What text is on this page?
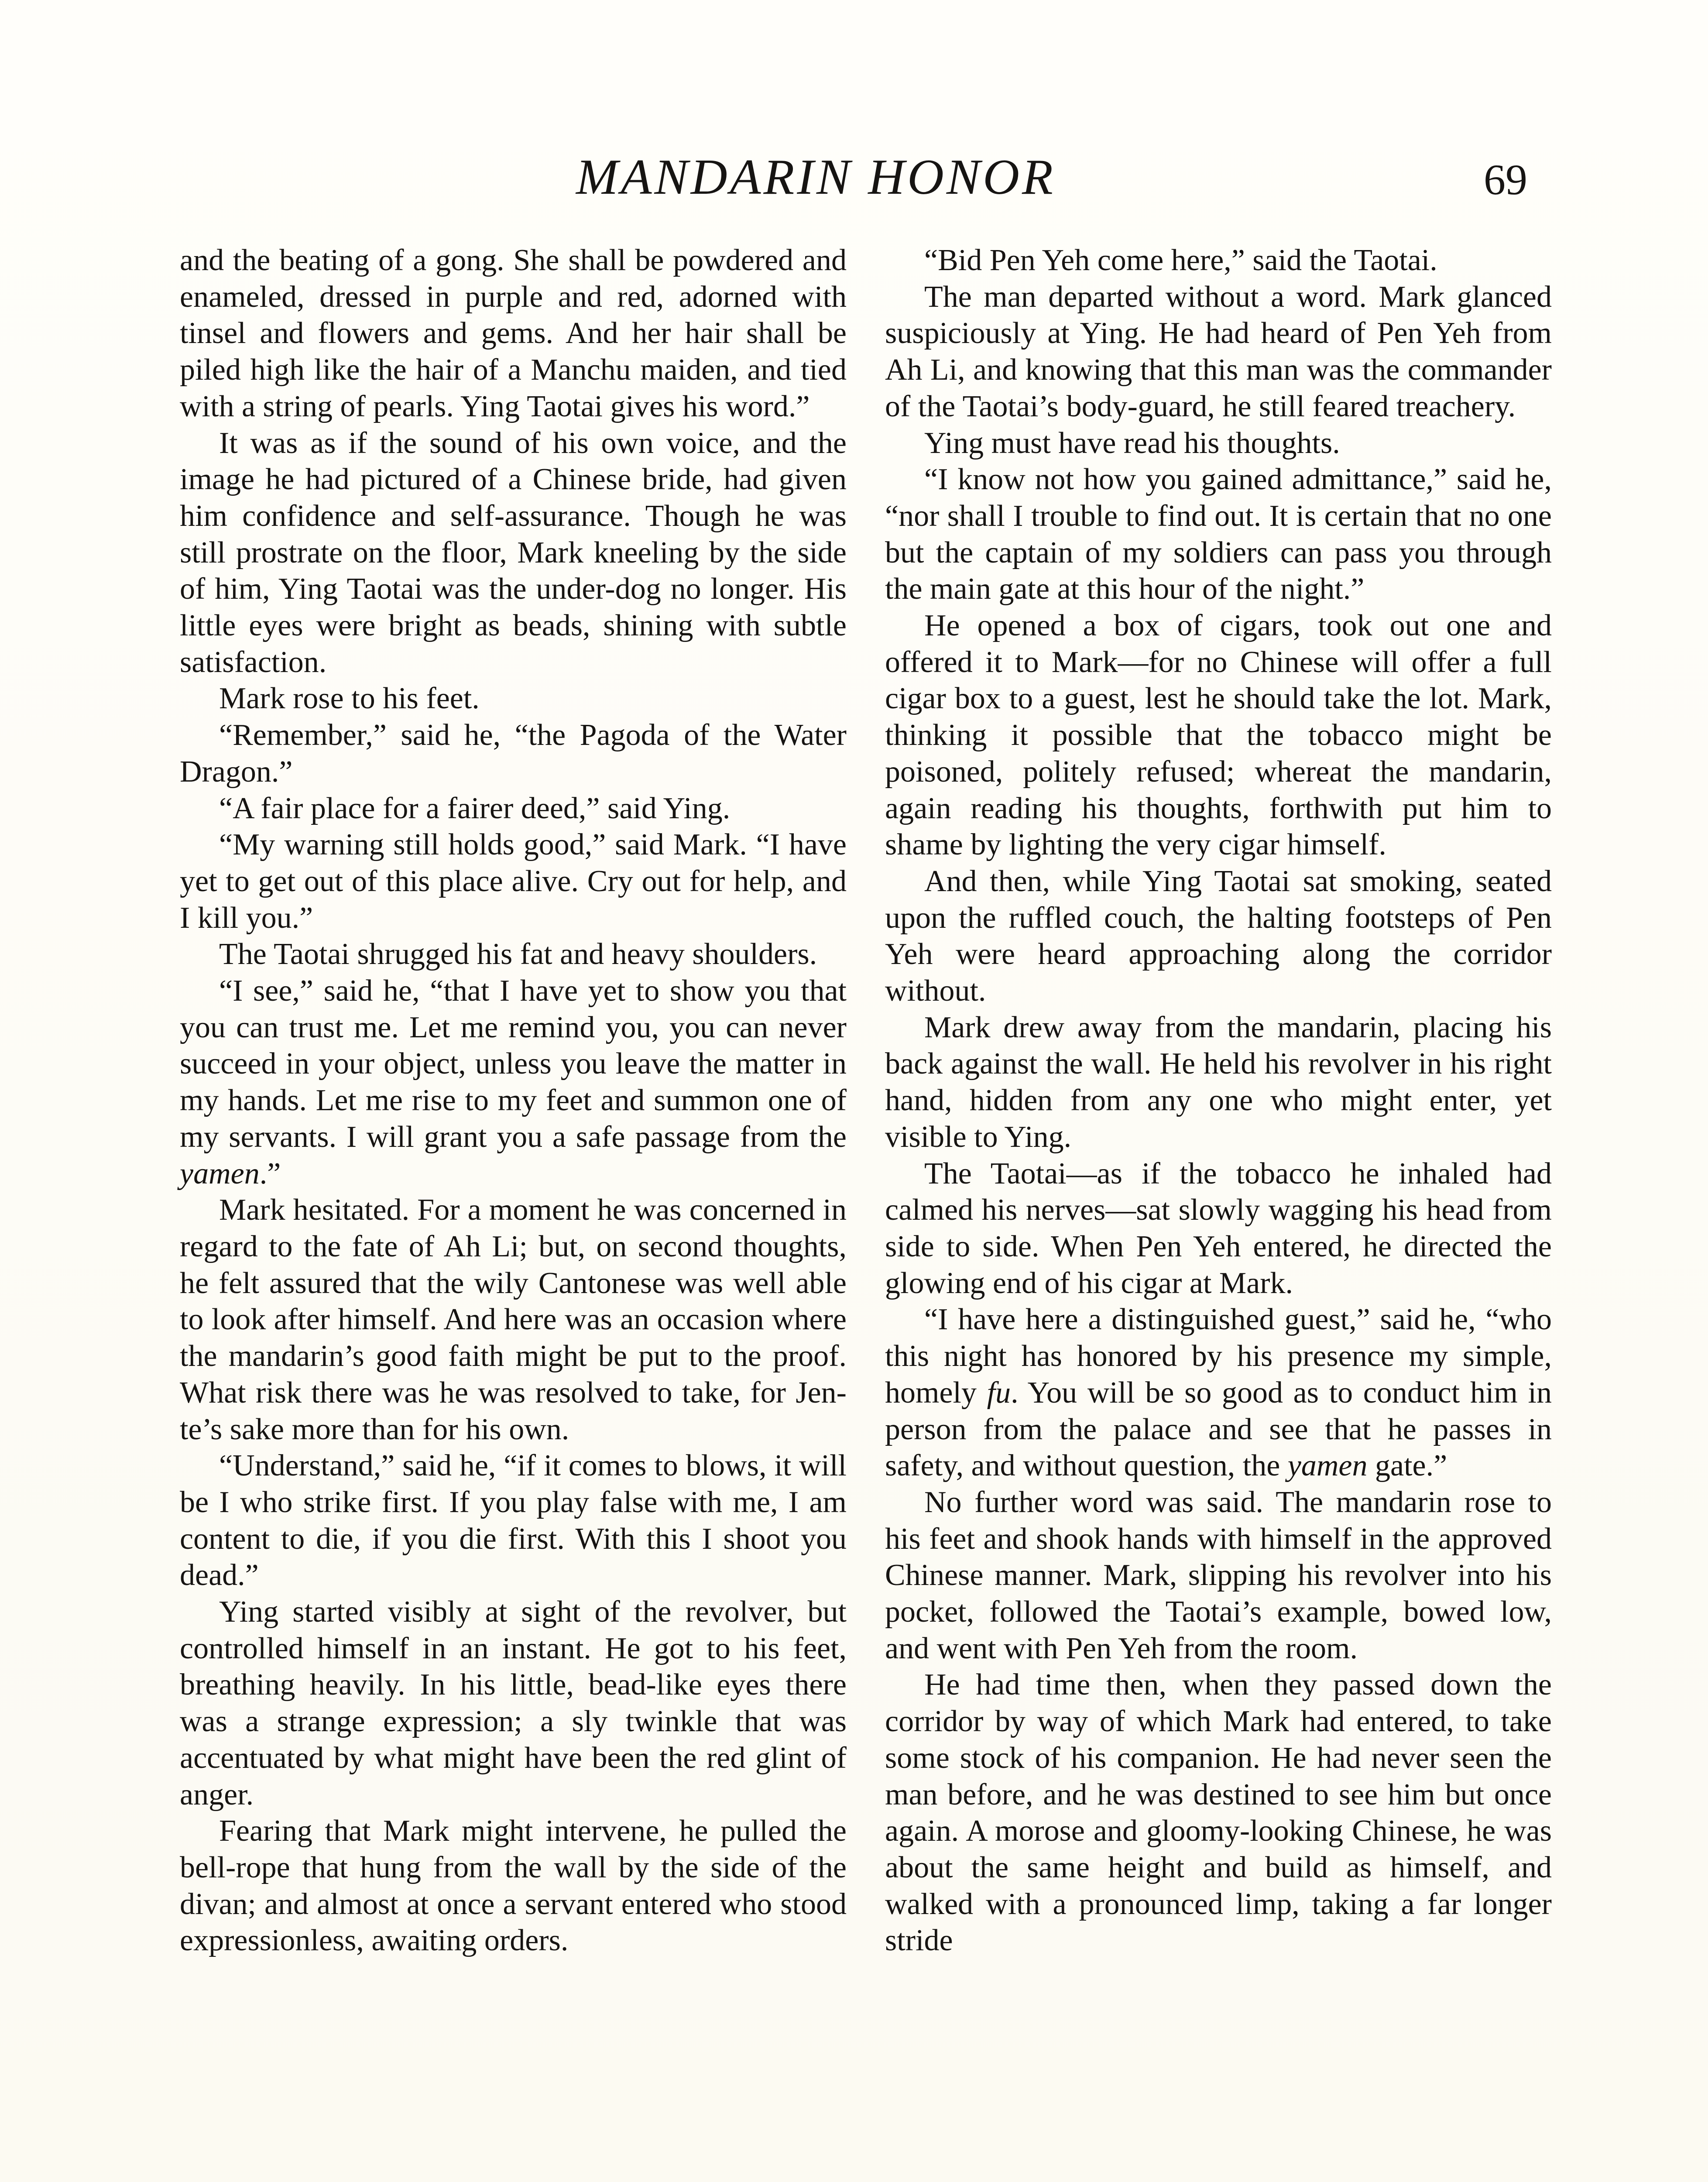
MANDARIN HONOR	69

and the beating of a gong. She shall be powdered and enameled, dressed in purple and red, adorned with tinsel and flowers and gems. And her hair shall be piled high like the hair of a Manchu maiden, and tied with a string of pearls. Ying Taotai gives his word.”

It was as if the sound of his own voice, and the image he had pictured of a Chinese bride, had given him confidence and self-assurance. Though he was still prostrate on the floor, Mark kneeling by the side of him, Ying Taotai was the under-dog no longer. His little eyes were bright as beads, shining with subtle satisfaction.

Mark rose to his feet.

“Remember,” said he, “the Pagoda of the Water Dragon.”

“A fair place for a fairer deed,” said Ying.

“My warning still holds good,” said Mark. “I have yet to get out of this place alive. Cry out for help, and I kill you.”

The Taotai shrugged his fat and heavy shoulders.

“I see,” said he, “that I have yet to show you that you can trust me. Let me remind you, you can never succeed in your object, unless you leave the matter in my hands. Let me rise to my feet and summon one of my servants. I will grant you a safe passage from the yamen.”

Mark hesitated. For a moment he was concerned in regard to the fate of Ah Li; but, on second thoughts, he felt assured that the wily Cantonese was well able to look after himself. And here was an occasion where the mandarin’s good faith might be put to the proof. What risk there was he was resolved to take, for Jen-te’s sake more than for his own.

“Understand,” said he, “if it comes to blows, it will be I who strike first. If you play false with me, I am content to die, if you die first. With this I shoot you dead.”

Ying started visibly at sight of the revolver, but controlled himself in an instant. He got to his feet, breathing heavily. In his little, bead-like eyes there was a strange expression; a sly twinkle that was accentuated by what might have been the red glint of anger.

Fearing that Mark might intervene, he pulled the bell-rope that hung from the wall by the side of the divan; and almost at once a servant entered who stood expressionless, awaiting orders.

“Bid Pen Yeh come here,” said the Taotai.

The man departed without a word. Mark glanced suspiciously at Ying. He had heard of Pen Yeh from Ah Li, and knowing that this man was the commander of the Taotai’s body-guard, he still feared treachery.

Ying must have read his thoughts.

“I know not how you gained admittance,” said he, “nor shall I trouble to find out. It is certain that no one but the captain of my soldiers can pass you through the main gate at this hour of the night.”

He opened a box of cigars, took out one and offered it to Mark—for no Chinese will offer a full cigar box to a guest, lest he should take the lot. Mark, thinking it possible that the tobacco might be poisoned, politely refused; whereat the mandarin, again reading his thoughts, forthwith put him to shame by lighting the very cigar himself.

And then, while Ying Taotai sat smoking, seated upon the ruffled couch, the halting footsteps of Pen Yeh were heard approaching along the corridor without.

Mark drew away from the mandarin, placing his back against the wall. He held his revolver in his right hand, hidden from any one who might enter, yet visible to Ying.

The Taotai—as if the tobacco he inhaled had calmed his nerves—sat slowly wagging his head from side to side. When Pen Yeh entered, he directed the glowing end of his cigar at Mark.

“I have here a distinguished guest,” said he, “who this night has honored by his presence my simple, homely fu. You will be so good as to conduct him in person from the palace and see that he passes in safety, and without question, the yamen gate.”

No further word was said. The mandarin rose to his feet and shook hands with himself in the approved Chinese manner. Mark, slipping his revolver into his pocket, followed the Taotai’s example, bowed low, and went with Pen Yeh from the room.

He had time then, when they passed down the corridor by way of which Mark had entered, to take some stock of his companion. He had never seen the man before, and he was destined to see him but once again. A morose and gloomy-looking Chinese, he was about the same height and build as himself, and walked with a pronounced limp, taking a far longer stride
